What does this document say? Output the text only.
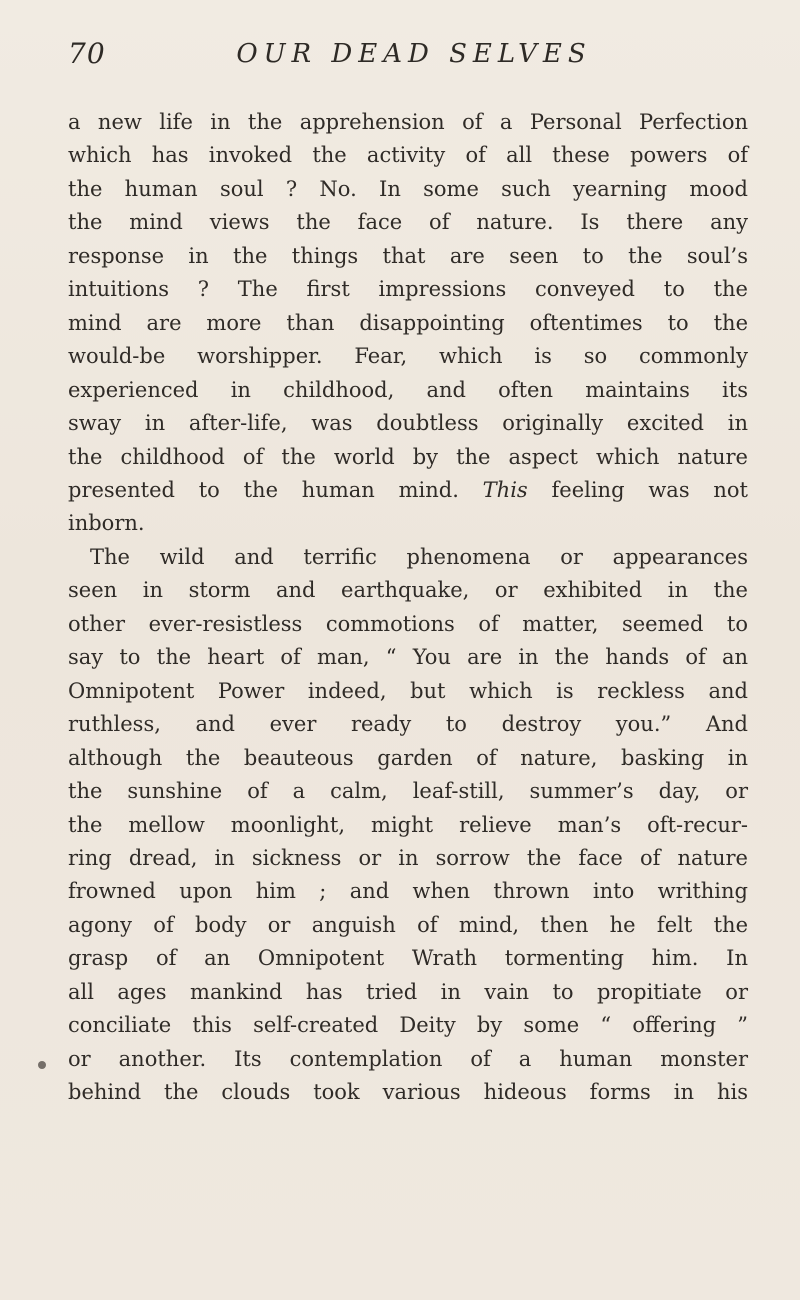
70	OUR DEAD SELVES
a new life in the apprehension of a Personal Perfection
which has invoked the activity of all these powers of
the human soul ? No. In some such yearning mood
the mind views the face of nature. Is there any
response in the things that are seen to the soul’s
intuitions ? The first impressions conveyed to the
mind are more than disappointing oftentimes to the
would-be worshipper. Fear, which is so commonly
experienced in childhood, and often maintains its
sway in after-life, was doubtless originally excited in
the childhood of the world by the aspect which nature
presented to the human mind. This feeling was not
inborn.
The wild and terrific phenomena or appearances
seen in storm and earthquake, or exhibited in the
other ever-resistless commotions of matter, seemed to
say to the heart of man, “ You are in the hands of an
Omnipotent Power indeed, but which is reckless and
ruthless, and ever ready to destroy you.” And
although the beauteous garden of nature, basking in
the sunshine of a calm, leaf-still, summer’s day, or
the mellow moonlight, might relieve man’s oft-recur-
ring dread, in sickness or in sorrow the face of nature
frowned upon him ; and when thrown into writhing
agony of body or anguish of mind, then he felt the
grasp of an Omnipotent Wrath tormenting him. In
all ages mankind has tried in vain to propitiate or
conciliate this self-created Deity by some “ offering ”
or another. Its contemplation of a human monster
behind the clouds took various hideous forms in his
